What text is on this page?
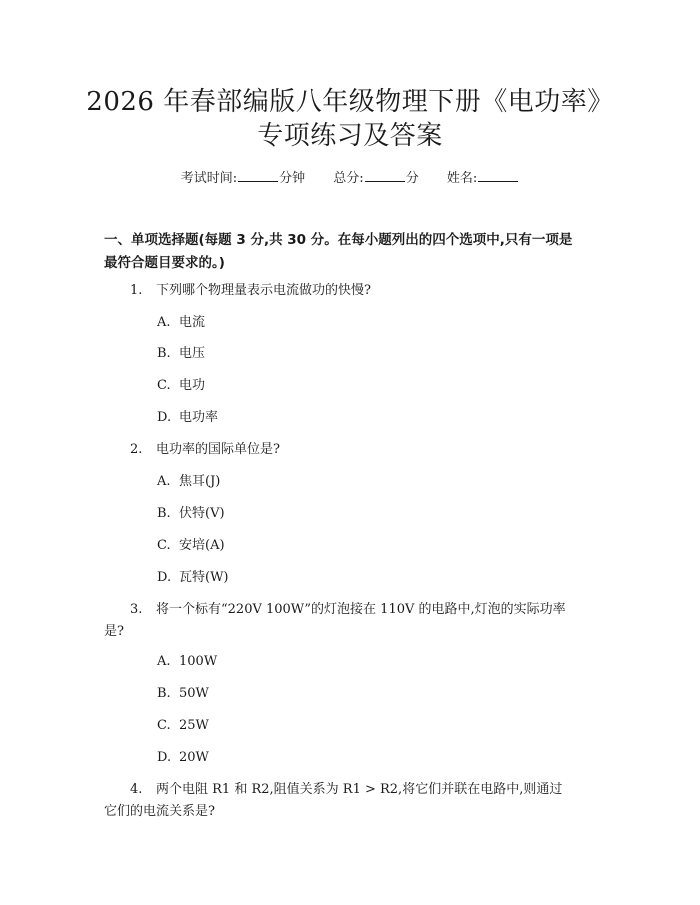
2026 年春部编版八年级物理下册《电功率》
专项练习及答案
考试时间:	分钟 总分:	分 姓名:
一、单项选择题(每题 3 分,共 30 分。在每小题列出的四个选项中,只有一项是
最符合题目要求的。)
1. 下列哪个物理量表示电流做功的快慢?
A. 电流
B. 电压
C. 电功
D. 电功率
2. 电功率的国际单位是?
A. 焦耳(J)
B. 伏特(V)
C. 安培(A)
D. 瓦特(W)
3. 将一个标有“220V 100W”的灯泡接在 110V 的电路中,灯泡的实际功率
是?
A. 100W
B. 50W
C. 25W
D. 20W
4. 两个电阻 R1 和 R2,阻值关系为 R1 > R2,将它们并联在电路中,则通过
它们的电流关系是?
